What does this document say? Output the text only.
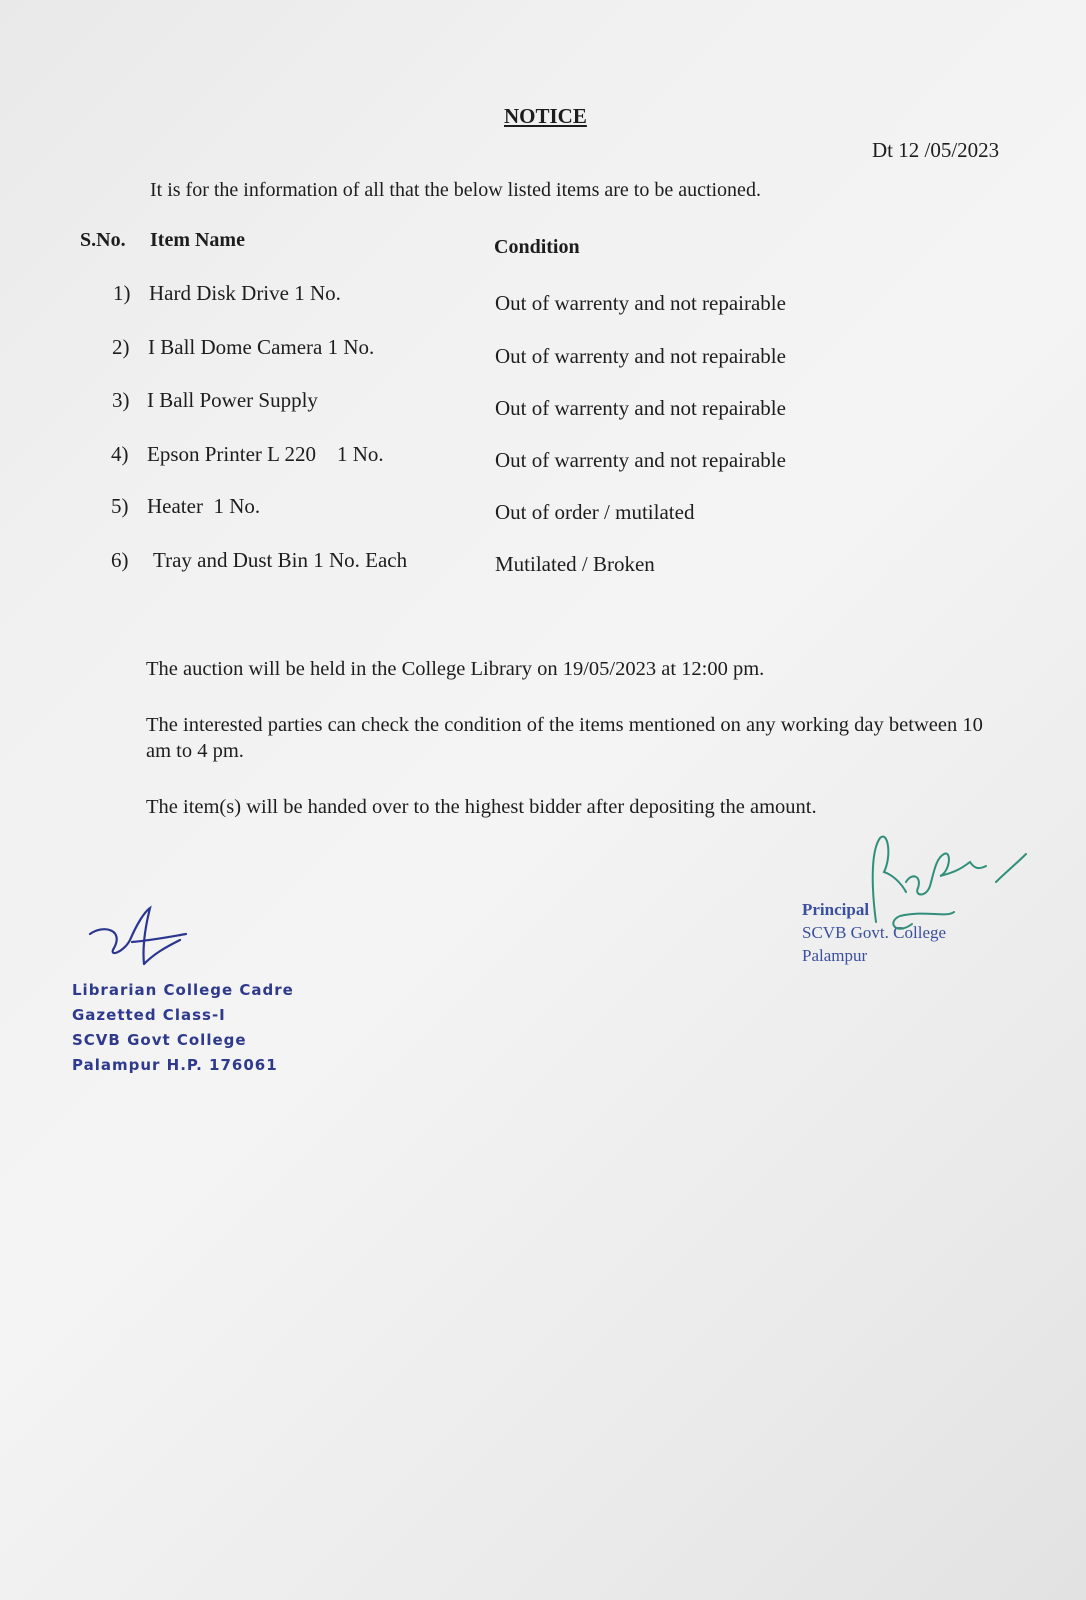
NOTICE
Dt 12 /05/2023
It is for the information of all that the below listed items are to be auctioned.
S.No. Item Name	Condition
1) Hard Disk Drive 1 No.	Out of warrenty and not repairable
2) I Ball Dome Camera 1 No.	Out of warrenty and not repairable
3) I Ball Power Supply	Out of warrenty and not repairable
4) Epson Printer L 220    1 No.	Out of warrenty and not repairable
5) Heater  1 No.	Out of order / mutilated
6) Tray and Dust Bin 1 No. Each	Mutilated / Broken
The auction will be held in the College Library on 19/05/2023 at 12:00 pm.
The interested parties can check the condition of the items mentioned on any working day between 10 am to 4 pm.
The item(s) will be handed over to the highest bidder after depositing the amount.
Librarian College Cadre
Gazetted Class-I
SCVB Govt College
Palampur H.P. 176061
Principal
SCVB Govt. College
Palampur
